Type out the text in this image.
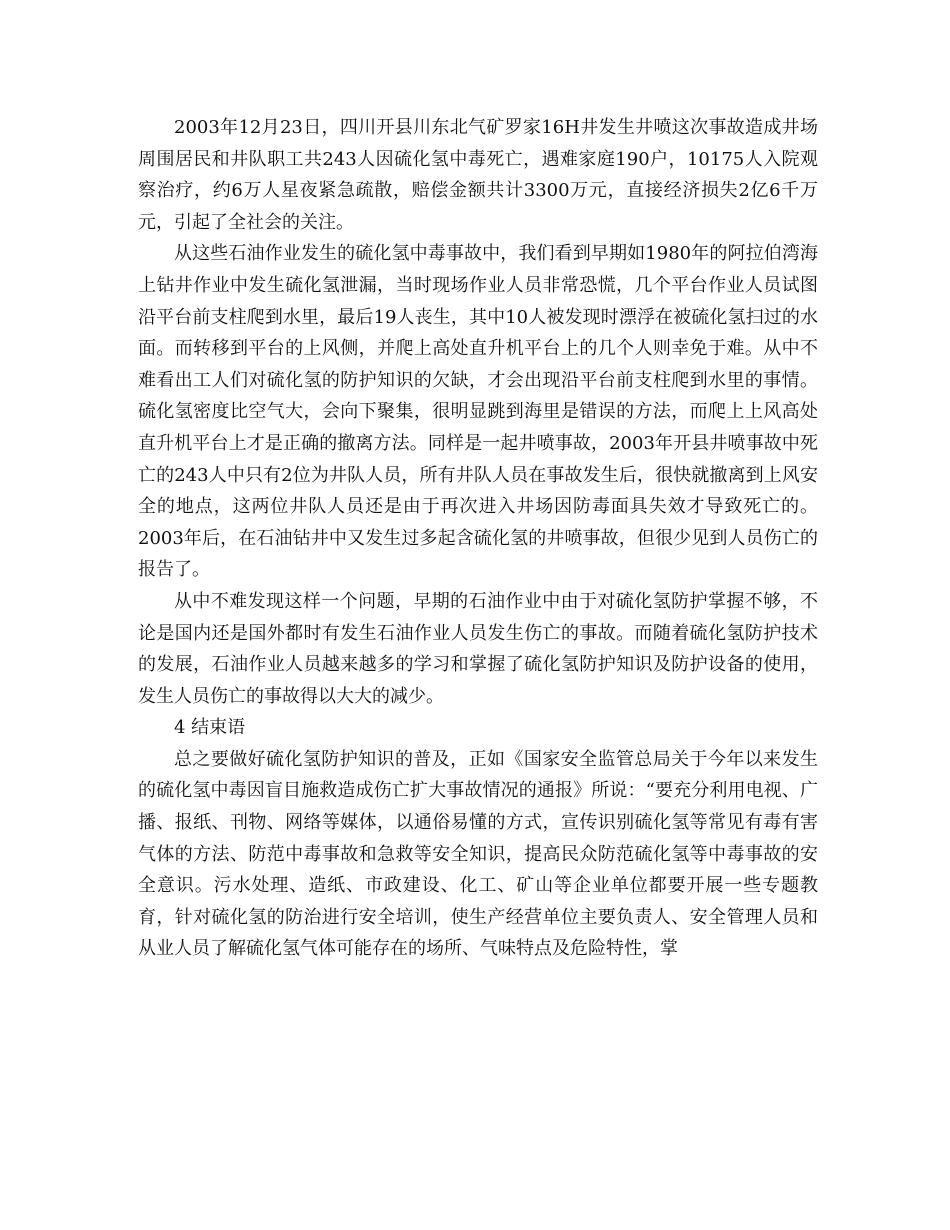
2003年12月23日，四川开县川东北气矿罗家16H井发生井喷这次事故造成井场周围居民和井队职工共243人因硫化氢中毒死亡，遇难家庭190户，10175人入院观察治疗，约6万人星夜紧急疏散，赔偿金额共计3300万元，直接经济损失2亿6千万元，引起了全社会的关注。

从这些石油作业发生的硫化氢中毒事故中，我们看到早期如1980年的阿拉伯湾海上钻井作业中发生硫化氢泄漏，当时现场作业人员非常恐慌，几个平台作业人员试图沿平台前支柱爬到水里，最后19人丧生，其中10人被发现时漂浮在被硫化氢扫过的水面。而转移到平台的上风侧，并爬上高处直升机平台上的几个人则幸免于难。从中不难看出工人们对硫化氢的防护知识的欠缺，才会出现沿平台前支柱爬到水里的事情。硫化氢密度比空气大，会向下聚集，很明显跳到海里是错误的方法，而爬上上风高处直升机平台上才是正确的撤离方法。同样是一起井喷事故，2003年开县井喷事故中死亡的243人中只有2位为井队人员，所有井队人员在事故发生后，很快就撤离到上风安全的地点，这两位井队人员还是由于再次进入井场因防毒面具失效才导致死亡的。2003年后，在石油钻井中又发生过多起含硫化氢的井喷事故，但很少见到人员伤亡的报告了。

从中不难发现这样一个问题，早期的石油作业中由于对硫化氢防护掌握不够，不论是国内还是国外都时有发生石油作业人员发生伤亡的事故。而随着硫化氢防护技术的发展，石油作业人员越来越多的学习和掌握了硫化氢防护知识及防护设备的使用，发生人员伤亡的事故得以大大的减少。

4 结束语

总之要做好硫化氢防护知识的普及，正如《国家安全监管总局关于今年以来发生的硫化氢中毒因盲目施救造成伤亡扩大事故情况的通报》所说：“要充分利用电视、广播、报纸、刊物、网络等媒体，以通俗易懂的方式，宣传识别硫化氢等常见有毒有害气体的方法、防范中毒事故和急救等安全知识，提高民众防范硫化氢等中毒事故的安全意识。污水处理、造纸、市政建设、化工、矿山等企业单位都要开展一些专题教育，针对硫化氢的防治进行安全培训，使生产经营单位主要负责人、安全管理人员和从业人员了解硫化氢气体可能存在的场所、气味特点及危险特性，掌
